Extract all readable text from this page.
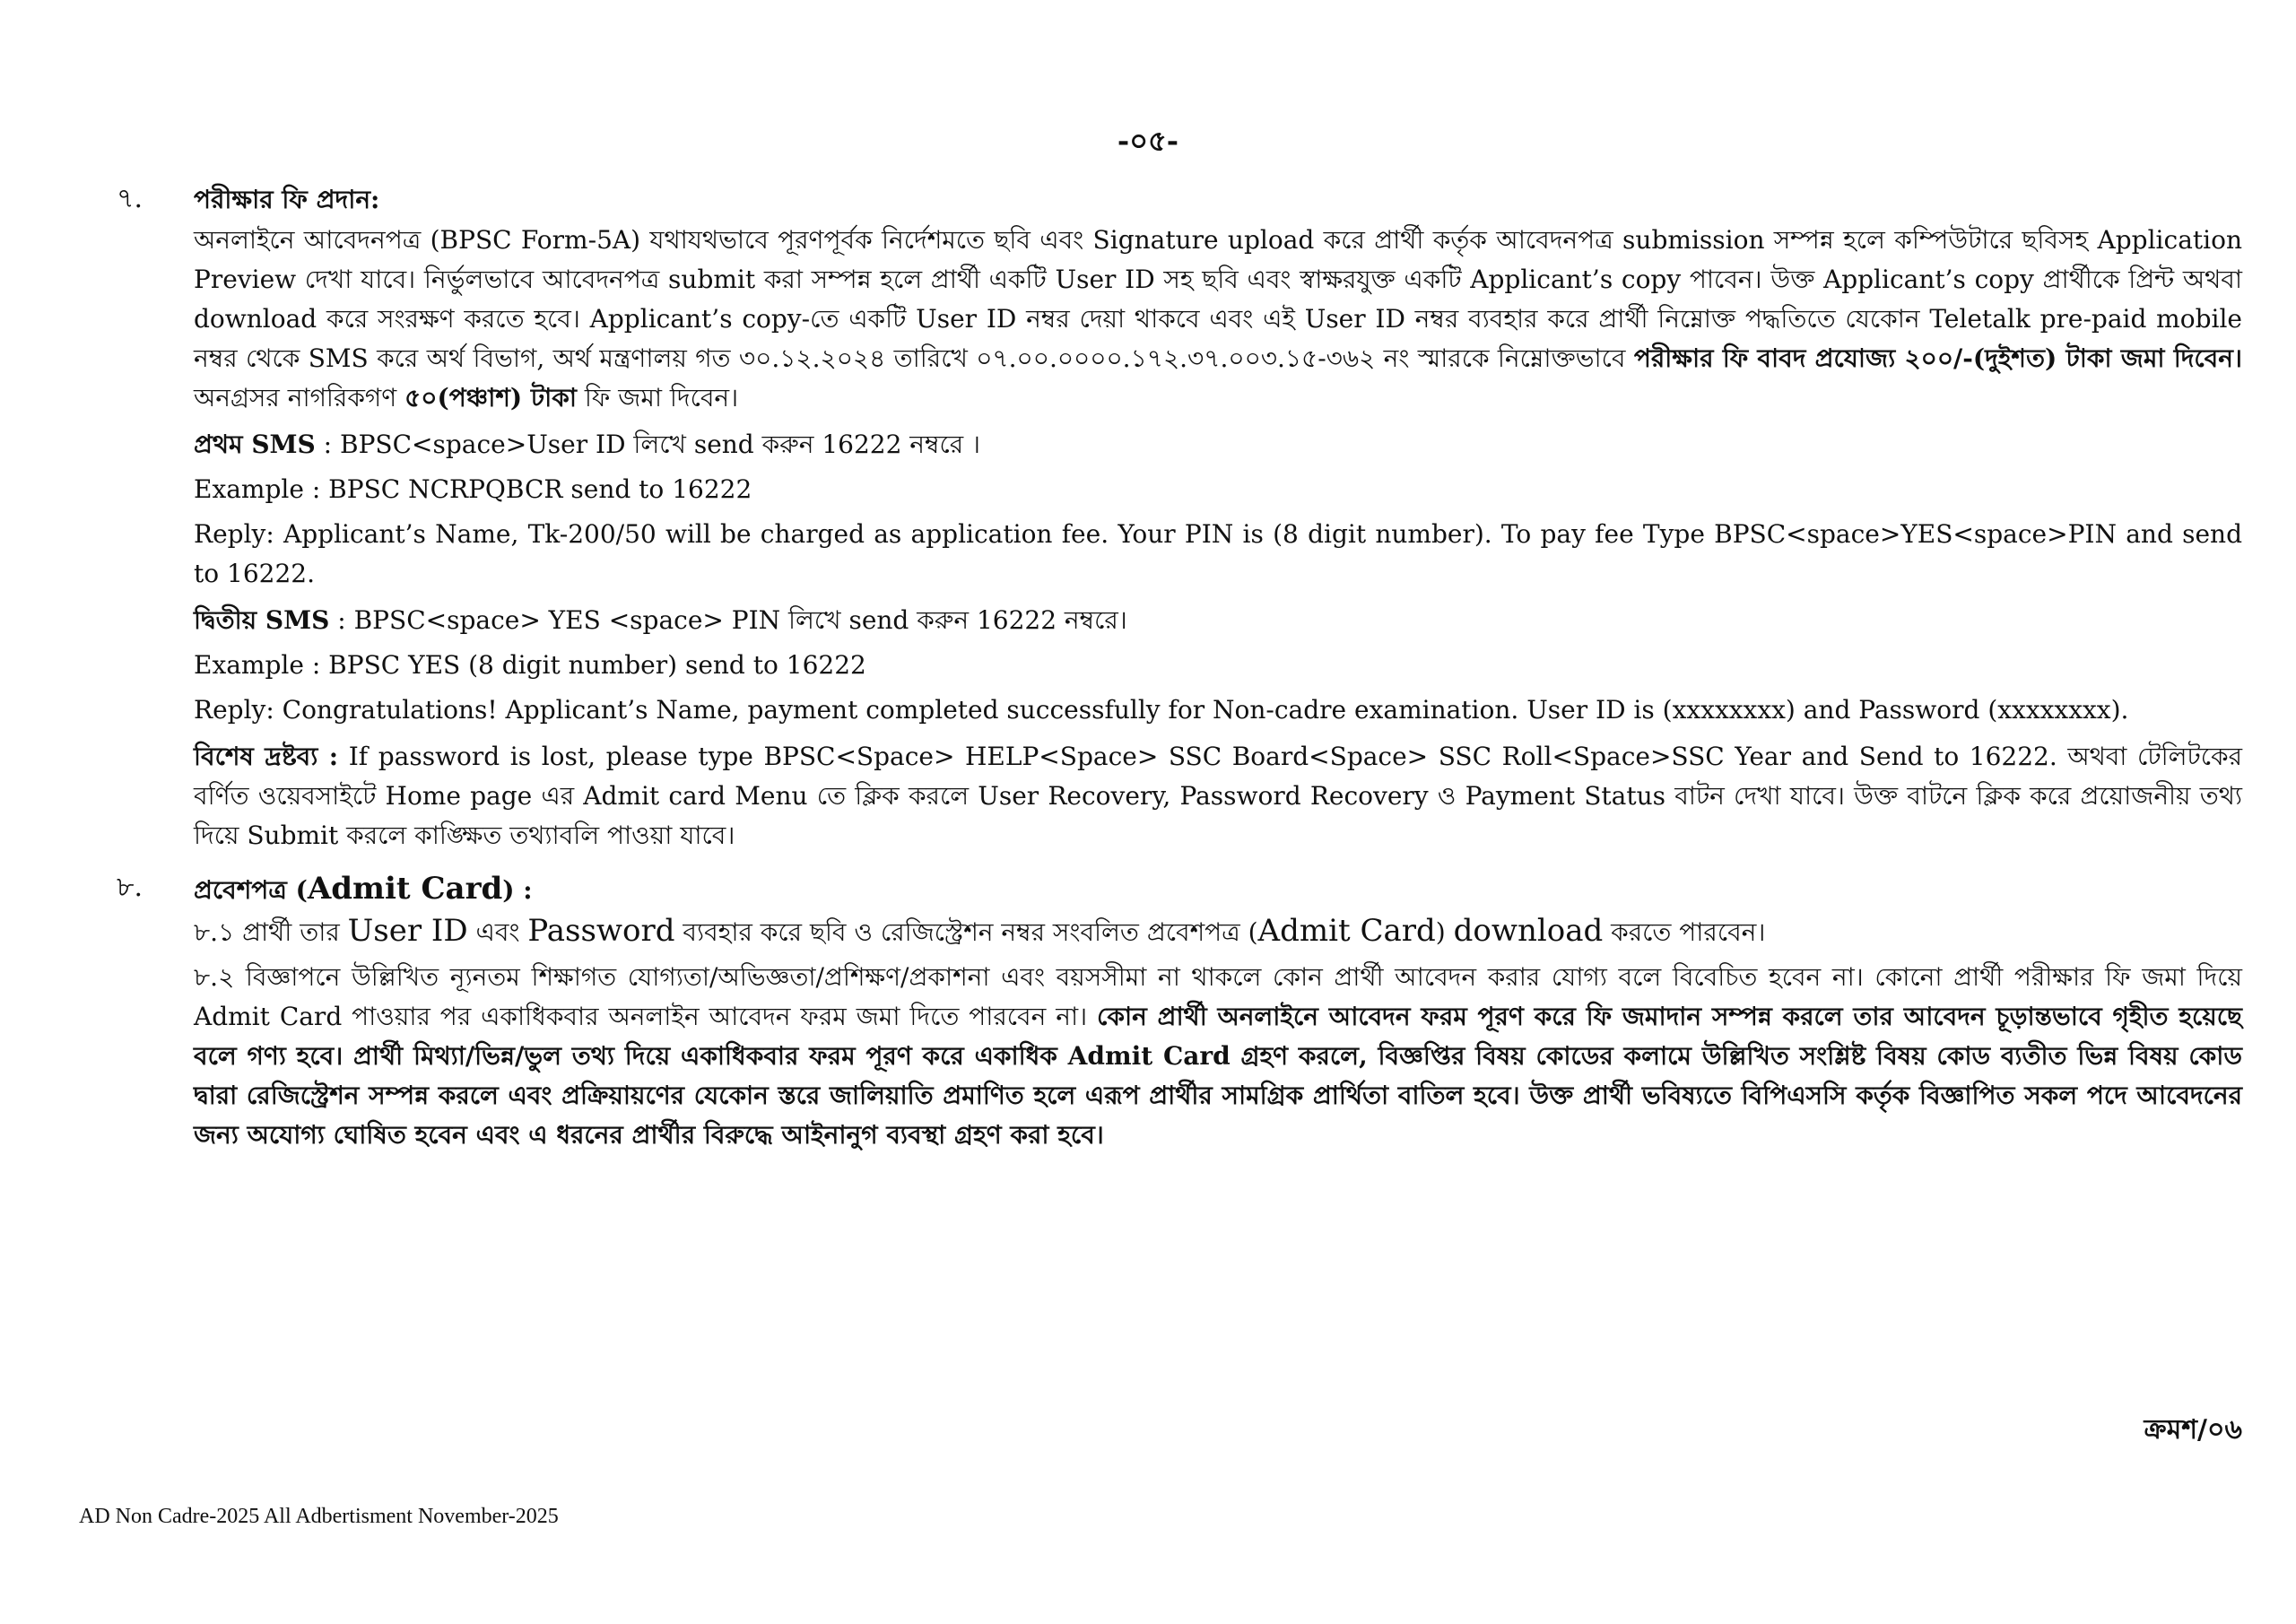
-০৫-
৭.	পরীক্ষার ফি প্রদান:

অনলাইনে আবেদনপত্র (BPSC Form-5A) যথাযথভাবে পূরণপূর্বক নির্দেশমতে ছবি এবং Signature upload করে প্রার্থী কর্তৃক আবেদনপত্র submission সম্পন্ন হলে কম্পিউটারে ছবিসহ Application Preview দেখা যাবে। নির্ভুলভাবে আবেদনপত্র submit করা সম্পন্ন হলে প্রার্থী একটি User ID সহ ছবি এবং স্বাক্ষরযুক্ত একটি Applicant’s copy পাবেন। উক্ত Applicant’s copy প্রার্থীকে প্রিন্ট অথবা download করে সংরক্ষণ করতে হবে। Applicant’s copy-তে একটি User ID নম্বর দেয়া থাকবে এবং এই User ID নম্বর ব্যবহার করে প্রার্থী নিম্নোক্ত পদ্ধতিতে যেকোন Teletalk pre-paid mobile নম্বর থেকে SMS করে অর্থ বিভাগ, অর্থ মন্ত্রণালয় গত ৩০.১২.২০২৪ তারিখে ০৭.০০.০০০০.১৭২.৩৭.০০৩.১৫-৩৬২ নং স্মারকে নিম্নোক্তভাবে পরীক্ষার ফি বাবদ প্রযোজ্য ২০০/-(দুইশত) টাকা জমা দিবেন। অনগ্রসর নাগরিকগণ ৫০(পঞ্চাশ) টাকা ফি জমা দিবেন।

প্রথম SMS : BPSC<space>User ID লিখে send করুন 16222 নম্বরে ।

Example : BPSC NCRPQBCR send to 16222

Reply: Applicant’s Name, Tk-200/50 will be charged as application fee. Your PIN is (8 digit number). To pay fee Type BPSC<space>YES<space>PIN and send to 16222.

দ্বিতীয় SMS : BPSC<space> YES <space> PIN লিখে send করুন 16222 নম্বরে।

Example : BPSC YES (8 digit number) send to 16222

Reply: Congratulations! Applicant’s Name, payment completed successfully for Non-cadre examination. User ID is (xxxxxxxx) and Password (xxxxxxxx).

বিশেষ দ্রষ্টব্য : If password is lost, please type BPSC<Space> HELP<Space> SSC Board<Space> SSC Roll<Space>SSC Year and Send to 16222. অথবা টেলিটকের বর্ণিত ওয়েবসাইটে Home page এর Admit card Menu তে ক্লিক করলে User Recovery, Password Recovery ও Payment Status বাটন দেখা যাবে। উক্ত বাটনে ক্লিক করে প্রয়োজনীয় তথ্য দিয়ে Submit করলে কাঙ্ক্ষিত তথ্যাবলি পাওয়া যাবে।

৮.	প্রবেশপত্র (Admit Card) :

৮.১ প্রার্থী তার User ID এবং Password ব্যবহার করে ছবি ও রেজিস্ট্রেশন নম্বর সংবলিত প্রবেশপত্র (Admit Card) download করতে পারবেন।

৮.২ বিজ্ঞাপনে উল্লিখিত ন্যূনতম শিক্ষাগত যোগ্যতা/অভিজ্ঞতা/প্রশিক্ষণ/প্রকাশনা এবং বয়সসীমা না থাকলে কোন প্রার্থী আবেদন করার যোগ্য বলে বিবেচিত হবেন না। কোনো প্রার্থী পরীক্ষার ফি জমা দিয়ে Admit Card পাওয়ার পর একাধিকবার অনলাইন আবেদন ফরম জমা দিতে পারবেন না। কোন প্রার্থী অনলাইনে আবেদন ফরম পূরণ করে ফি জমাদান সম্পন্ন করলে তার আবেদন চূড়ান্তভাবে গৃহীত হয়েছে বলে গণ্য হবে। প্রার্থী মিথ্যা/ভিন্ন/ভুল তথ্য দিয়ে একাধিকবার ফরম পূরণ করে একাধিক Admit Card গ্রহণ করলে, বিজ্ঞপ্তির বিষয় কোডের কলামে উল্লিখিত সংশ্লিষ্ট বিষয় কোড ব্যতীত ভিন্ন বিষয় কোড দ্বারা রেজিস্ট্রেশন সম্পন্ন করলে এবং প্রক্রিয়ায়ণের যেকোন স্তরে জালিয়াতি প্রমাণিত হলে এরূপ প্রার্থীর সামগ্রিক প্রার্থিতা বাতিল হবে। উক্ত প্রার্থী ভবিষ্যতে বিপিএসসি কর্তৃক বিজ্ঞাপিত সকল পদে আবেদনের জন্য অযোগ্য ঘোষিত হবেন এবং এ ধরনের প্রার্থীর বিরুদ্ধে আইনানুগ ব্যবস্থা গ্রহণ করা হবে।

ক্রমশ/০৬
AD Non Cadre-2025 All Adbertisment November-2025
